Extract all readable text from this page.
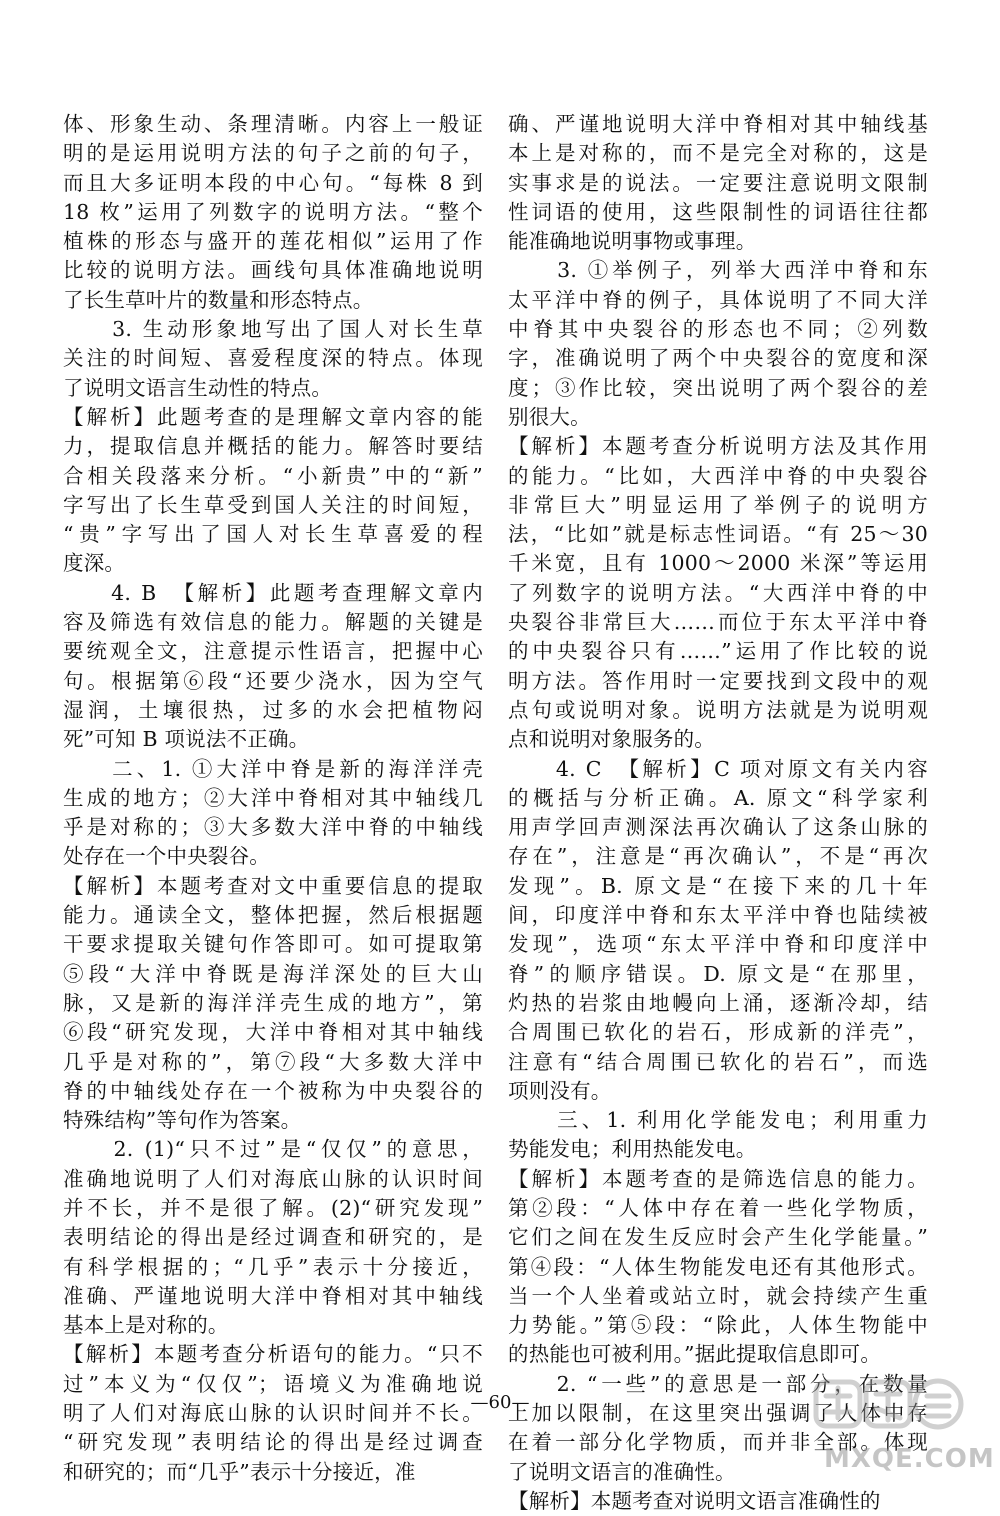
体、形象生动、条理清晰。内容上一般证
明的是运用说明方法的句子之前的句子，
而且大多证明本段的中心句。“每株 8 到
18 枚”运用了列数字的说明方法。“整个
植株的形态与盛开的莲花相似”运用了作
比较的说明方法。画线句具体准确地说明
了长生草叶片的数量和形态特点。

　　3. 生动形象地写出了国人对长生草
关注的时间短、喜爱程度深的特点。体现
了说明文语言生动性的特点。

【解析】此题考查的是理解文章内容的能
力，提取信息并概括的能力。解答时要结
合相关段落来分析。“小新贵”中的“新”
字写出了长生草受到国人关注的时间短，
“贵”字写出了国人对长生草喜爱的程
度深。

　　4. B　【解析】此题考查理解文章内
容及筛选有效信息的能力。解题的关键是
要统观全文，注意提示性语言，把握中心
句。根据第⑥段“还要少浇水，因为空气
湿润，土壤很热，过多的水会把植物闷
死”可知 B 项说法不正确。

　　二、1. ①大洋中脊是新的海洋洋壳
生成的地方；②大洋中脊相对其中轴线几
乎是对称的；③大多数大洋中脊的中轴线
处存在一个中央裂谷。

【解析】本题考查对文中重要信息的提取
能力。通读全文，整体把握，然后根据题
干要求提取关键句作答即可。如可提取第
⑤段“大洋中脊既是海洋深处的巨大山
脉，又是新的海洋洋壳生成的地方”，第
⑥段“研究发现，大洋中脊相对其中轴线
几乎是对称的”，第⑦段“大多数大洋中
脊的中轴线处存在一个被称为中央裂谷的
特殊结构”等句作为答案。

　　2. (1)“只不过”是“仅仅”的意思，
准确地说明了人们对海底山脉的认识时间
并不长，并不是很了解。(2)“研究发现”
表明结论的得出是经过调查和研究的，是
有科学根据的；“几乎”表示十分接近，
准确、严谨地说明大洋中脊相对其中轴线
基本上是对称的。

【解析】本题考查分析语句的能力。“只不
过”本义为“仅仅”；语境义为准确地说
明了人们对海底山脉的认识时间并不长。
“研究发现”表明结论的得出是经过调查
和研究的；而“几乎”表示十分接近，准

确、严谨地说明大洋中脊相对其中轴线基
本上是对称的，而不是完全对称的，这是
实事求是的说法。一定要注意说明文限制
性词语的使用，这些限制性的词语往往都
能准确地说明事物或事理。

　　3. ①举例子，列举大西洋中脊和东
太平洋中脊的例子，具体说明了不同大洋
中脊其中央裂谷的形态也不同；②列数
字，准确说明了两个中央裂谷的宽度和深
度；③作比较，突出说明了两个裂谷的差
别很大。

【解析】本题考查分析说明方法及其作用
的能力。“比如，大西洋中脊的中央裂谷
非常巨大”明显运用了举例子的说明方
法，“比如”就是标志性词语。“有 25～30
千米宽，且有 1000～2000 米深”等运用
了列数字的说明方法。“大西洋中脊的中
央裂谷非常巨大……而位于东太平洋中脊
的中央裂谷只有……”运用了作比较的说
明方法。答作用时一定要找到文段中的观
点句或说明对象。说明方法就是为说明观
点和说明对象服务的。

　　4. C　【解析】C 项对原文有关内容
的概括与分析正确。A. 原文“科学家利
用声学回声测深法再次确认了这条山脉的
存在”，注意是“再次确认”，不是“再次
发现”。B. 原文是“在接下来的几十年
间，印度洋中脊和东太平洋中脊也陆续被
发现”，选项“东太平洋中脊和印度洋中
脊”的顺序错误。D. 原文是“在那里，
灼热的岩浆由地幔向上涌，逐渐冷却，结
合周围已软化的岩石，形成新的洋壳”，
注意有“结合周围已软化的岩石”，而选
项则没有。

　　三、1. 利用化学能发电；利用重力
势能发电；利用热能发电。

【解析】本题考查的是筛选信息的能力。
第②段：“人体中存在着一些化学物质，
它们之间在发生反应时会产生化学能量。”
第④段：“人体生物能发电还有其他形式。
当一个人坐着或站立时，就会持续产生重
力势能。”第⑤段：“除此，人体生物能中
的热能也可被利用。”据此提取信息即可。

　　2. “一些”的意思是一部分，在数量
上加以限制，在这里突出强调了人体中存
在着一部分化学物质，而并非全部。体现
了说明文语言的准确性。

【解析】本题考查对说明文语言准确性的

—60—
MXQE.COM
